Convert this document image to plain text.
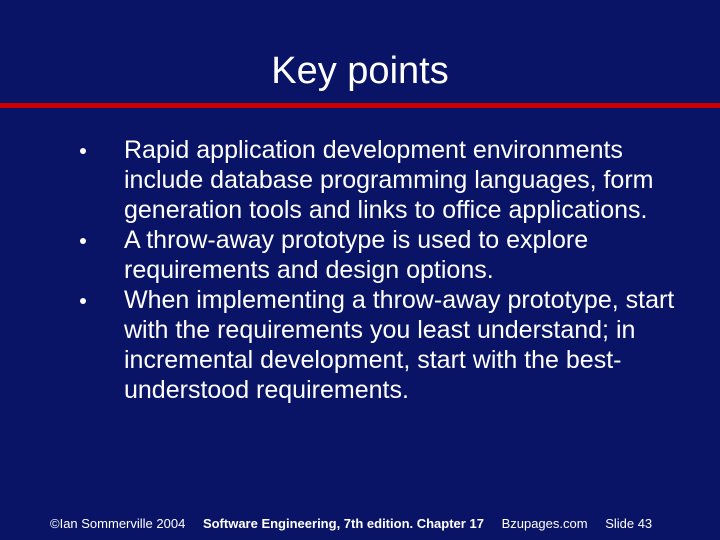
Key points
Rapid application development environments include database programming languages, form generation tools and links to office applications.
A throw-away prototype is used to explore requirements and design options.
When implementing a throw-away prototype, start with the requirements you least understand; in incremental development, start with the best-understood requirements.
©Ian Sommerville 2004 Software Engineering, 7th edition. Chapter 17 Bzupages.com Slide 43
